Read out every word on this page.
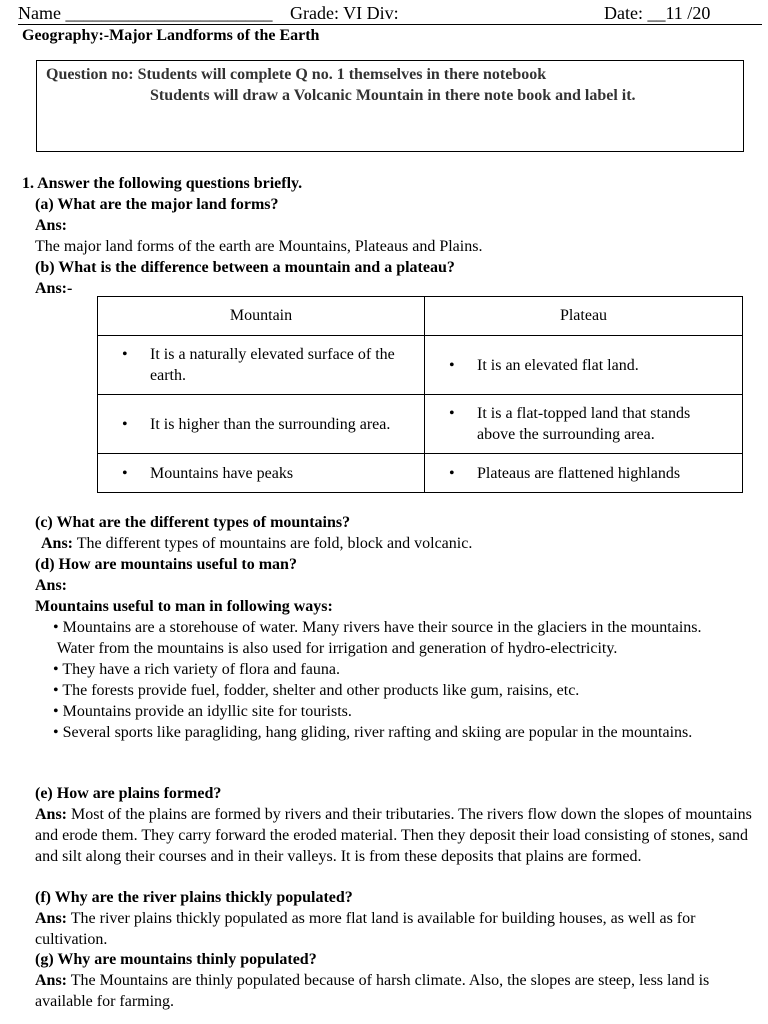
Name _______________________ Grade: VI Div:	Date: __11 /20
Geography:-Major Landforms of the Earth
Question no: Students will complete Q no. 1 themselves in there notebook
Students will draw a Volcanic Mountain in there note book and label it.
1. Answer the following questions briefly.
(a) What are the major land forms?
Ans:
The major land forms of the earth are Mountains, Plateaus and Plains.
(b) What is the difference between a mountain and a plateau?
Ans:-
Mountain	Plateau

• It is a naturally elevated surface of the earth.	• It is an elevated flat land.

• It is higher than the surrounding area.	• It is a flat-topped land that stands above the surrounding area.

• Mountains have peaks	• Plateaus are flattened highlands
(c) What are the different types of mountains?
Ans: The different types of mountains are fold, block and volcanic.
(d) How are mountains useful to man?
Ans:
Mountains useful to man in following ways:

• Mountains are a storehouse of water. Many rivers have their source in the glaciers in the mountains.

Water from the mountains is also used for irrigation and generation of hydro-electricity.

• They have a rich variety of flora and fauna.

• The forests provide fuel, fodder, shelter and other products like gum, raisins, etc.

• Mountains provide an idyllic site for tourists.

• Several sports like paragliding, hang gliding, river rafting and skiing are popular in the mountains.

(e) How are plains formed?
Ans: Most of the plains are formed by rivers and their tributaries. The rivers flow down the slopes of mountains and erode them. They carry forward the eroded material. Then they deposit their load consisting of stones, sand and silt along their courses and in their valleys. It is from these deposits that plains are formed.
(f) Why are the river plains thickly populated?
Ans: The river plains thickly populated as more flat land is available for building houses, as well as for cultivation.
(g) Why are mountains thinly populated?
Ans: The Mountains are thinly populated because of harsh climate. Also, the slopes are steep, less land is available for farming.
